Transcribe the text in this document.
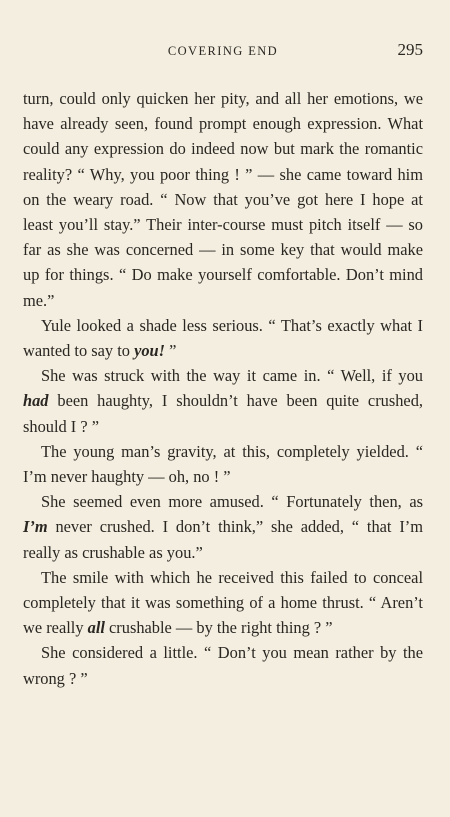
COVERING END	295

turn, could only quicken her pity, and all her emotions, we have already seen, found prompt enough expression. What could any expression do indeed now but mark the romantic reality? “ Why, you poor thing ! ” — she came toward him on the weary road. “ Now that you’ve got here I hope at least you’ll stay.” Their inter-course must pitch itself — so far as she was concerned — in some key that would make up for things. “ Do make yourself comfortable. Don’t mind me.”

Yule looked a shade less serious. “ That’s exactly what I wanted to say to you! ”

She was struck with the way it came in. “ Well, if you had been haughty, I shouldn’t have been quite crushed, should I ? ”

The young man’s gravity, at this, completely yielded. “ I’m never haughty — oh, no ! ”

She seemed even more amused. “ Fortunately then, as I’m never crushed. I don’t think,” she added, “ that I’m really as crushable as you.”

The smile with which he received this failed to conceal completely that it was something of a home thrust. “ Aren’t we really all crushable — by the right thing ? ”

She considered a little. “ Don’t you mean rather by the wrong ? ”
